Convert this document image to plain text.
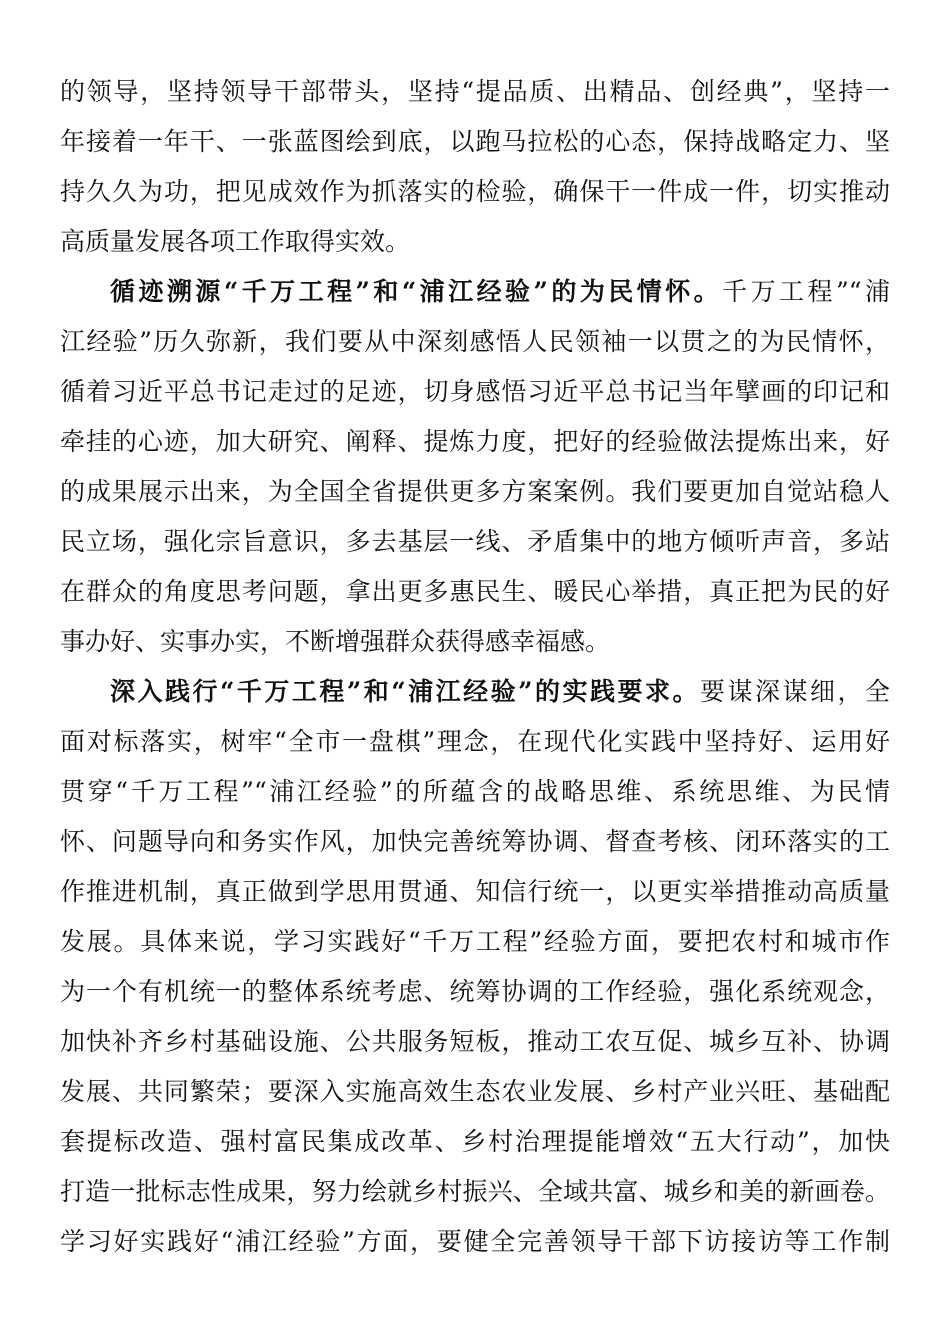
的领导，坚持领导干部带头，坚持“提品质、出精品、创经典”，坚持一
年接着一年干、一张蓝图绘到底，以跑马拉松的心态，保持战略定力、坚
持久久为功，把见成效作为抓落实的检验，确保干一件成一件，切实推动
高质量发展各项工作取得实效。
循迹溯源“千万工程”和“浦江经验”的为民情怀。千万工程”“浦
江经验”历久弥新，我们要从中深刻感悟人民领袖一以贯之的为民情怀，
循着习近平总书记走过的足迹，切身感悟习近平总书记当年擘画的印记和
牵挂的心迹，加大研究、阐释、提炼力度，把好的经验做法提炼出来，好
的成果展示出来，为全国全省提供更多方案案例。我们要更加自觉站稳人
民立场，强化宗旨意识，多去基层一线、矛盾集中的地方倾听声音，多站
在群众的角度思考问题，拿出更多惠民生、暖民心举措，真正把为民的好
事办好、实事办实，不断增强群众获得感幸福感。
深入践行“千万工程”和“浦江经验”的实践要求。要谋深谋细，全
面对标落实，树牢“全市一盘棋”理念，在现代化实践中坚持好、运用好
贯穿“千万工程”“浦江经验”的所蕴含的战略思维、系统思维、为民情
怀、问题导向和务实作风，加快完善统筹协调、督查考核、闭环落实的工
作推进机制，真正做到学思用贯通、知信行统一，以更实举措推动高质量
发展。具体来说，学习实践好“千万工程”经验方面，要把农村和城市作
为一个有机统一的整体系统考虑、统筹协调的工作经验，强化系统观念，
加快补齐乡村基础设施、公共服务短板，推动工农互促、城乡互补、协调
发展、共同繁荣；要深入实施高效生态农业发展、乡村产业兴旺、基础配
套提标改造、强村富民集成改革、乡村治理提能增效“五大行动”，加快
打造一批标志性成果，努力绘就乡村振兴、全域共富、城乡和美的新画卷。
学习好实践好“浦江经验”方面，要健全完善领导干部下访接访等工作制
